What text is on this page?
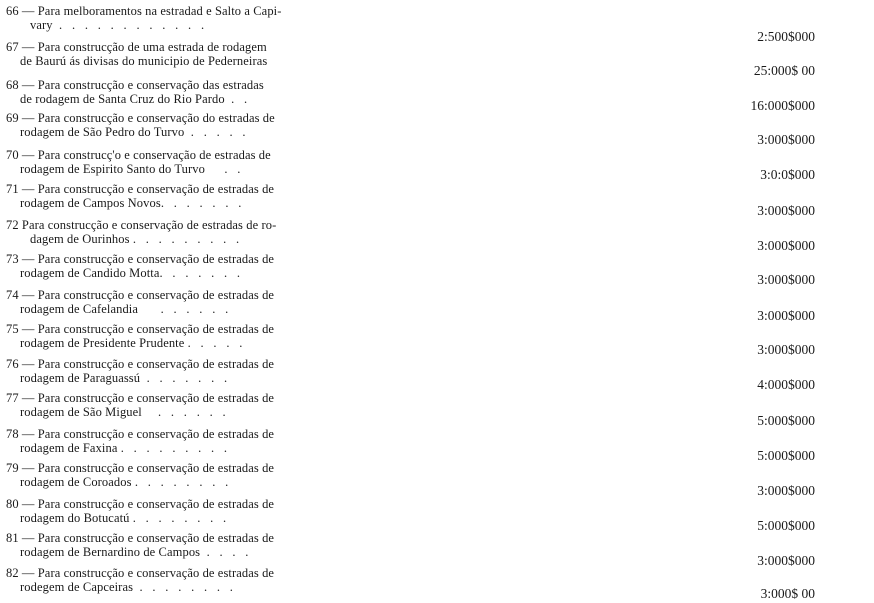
66 — Para melboramentos na estradad e Salto a Capi-
vary  .   .   .   .   .   .   .   .   .   .   .   .
2:500$000
67 — Para construcção de uma estrada de rodagem
de Baurú ás divisas do municipio de Pederneiras
25:000$ 00
68 — Para construcção e conservação das estradas
de rodagem de Santa Cruz do Rio Pardo  .   .	16:000$000
69 — Para construcção e conservação do estradas de
rodagem de São Pedro do Turvo  .   .   .   .   .	3:000$000
70 — Para construcç'o e conservação de estradas de
rodagem de Espirito Santo do Turvo      .   .	3:0:0$000
71 — Para construcção e conservação de estradas de
rodagem de Campos Novos.   .   .   .   .   .   .	3:000$000
72 Para construcção e conservação de estradas de ro-
dagem de Ourinhos .   .   .   .   .   .   .   .   .	3:000$000
73 — Para construcção e conservação de estradas de
rodagem de Candido Motta.   .   .   .   .   .   .	3:000$000
74 — Para construcção e conservação de estradas de
rodagem de Cafelandia       .   .   .   .   .   .	3:000$000
75 — Para construcção e conservação de estradas de
rodagem de Presidente Prudente .   .   .   .   .	3:000$000
76 — Para construcção e conservação de estradas de
rodagem de Paraguassú  .   .   .   .   .   .   .	4:000$000
77 — Para construcção e conservação de estradas de
rodagem de São Miguel     .   .   .   .   .   .
5:000$000
78 — Para construcção e conservação de estradas de
rodagem de Faxina .   .   .   .   .   .   .   .   .	5:000$000
79 — Para construcção e conservação de estradas de
rodagem de Coroados .   .   .   .   .   .   .   .
3:000$000
80 — Para construcção e conservação de estradas de
rodagem do Botucatú .   .   .   .   .   .   .   .	5:000$000
81 — Para construcção e conservação de estradas de
rodagem de Bernardino de Campos  .   .   .   .
3:000$000
82 — Para construcção e conservação de estradas de
rodegem de Capceiras  .   .   .   .   .   .   .   .	3:000$ 00
